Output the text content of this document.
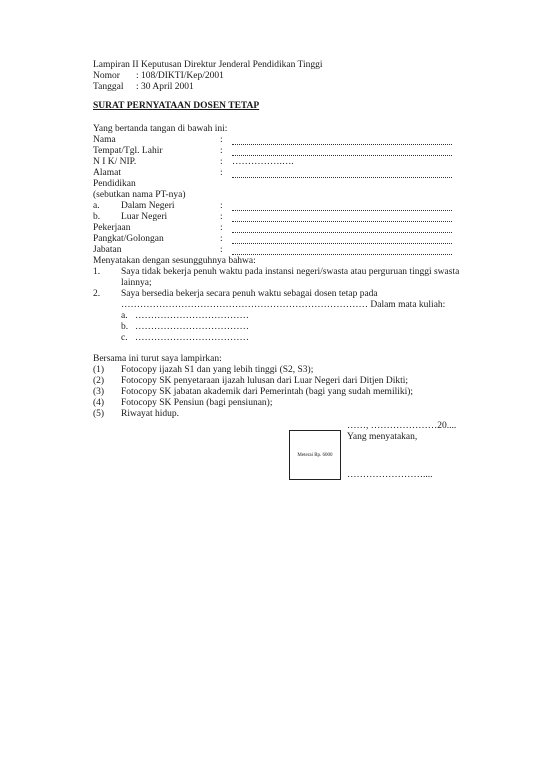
Lampiran II Keputusan Direktur Jenderal Pendidikan Tinggi
Nomor : 108/DIKTI/Kep/2001
Tanggal : 30 April 2001
SURAT PERNYATAAN DOSEN TETAP
Yang bertanda tangan di bawah ini:
Nama	:
Tempat/Tgl. Lahir	:
N I K/ NIP.	: …………….….
Alamat	:
Pendidikan
(sebutkan nama PT-nya)
a. Dalam Negeri	:
b. Luar Negeri	:
Pekerjaan	:
Pangkat/Golongan	:
Jabatan	:
Menyatakan dengan sesungguhnya bahwa:
1. Saya tidak bekerja penuh waktu pada instansi negeri/swasta atau perguruan tinggi swasta
lainnya;
2. Saya bersedia bekerja secara penuh waktu sebagai dosen tetap pada
…………………………………………………………………… Dalam mata kuliah:
a. ………………………………
b. ………………………………
c. ………………………………
Bersama ini turut saya lampirkan:
(1) Fotocopy ijazah S1 dan yang lebih tinggi (S2, S3);
(2) Fotocopy SK penyetaraan ijazah lulusan dari Luar Negeri dari Ditjen Dikti;
(3) Fotocopy SK jabatan akademik dari Pemerintah (bagi yang sudah memiliki);
(4) Fotocopy SK Pensiun (bagi pensiunan);
(5) Riwayat hidup.
……, …………………20....
Yang menyatakan,
Meterai Rp. 6000
……………………....
